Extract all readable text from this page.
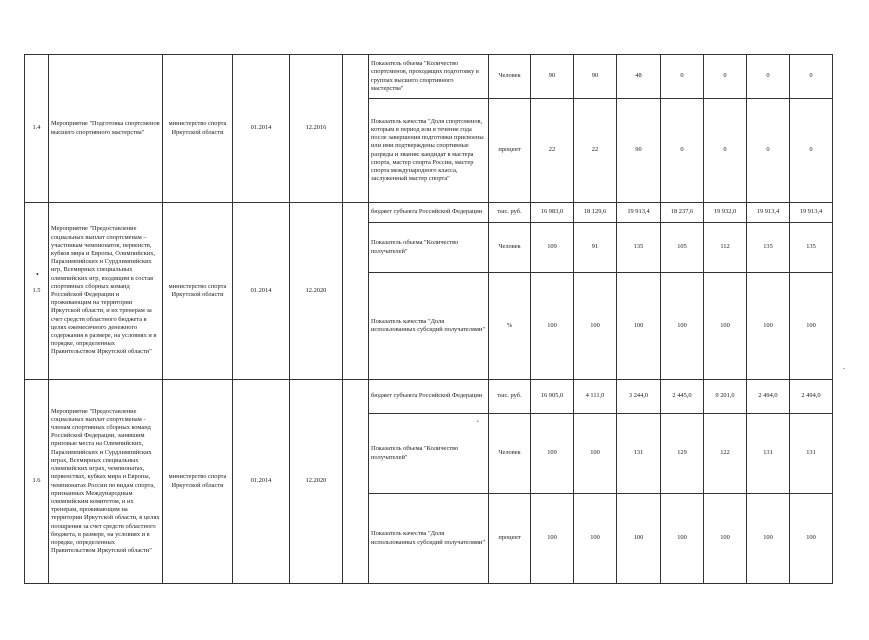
1.4	Мероприятие "Подготовка спортсменов высшего спортивного мастерства"	министерство спорта Иркутской области	01.2014	12.2016		Показатель объема "Количество спортсменов, проходящих подготовку в группах высшего спортивного мастерства"	Человек	90	90	48	0	0	0	0
						Показатель качества "Доля спортсменов, которым в период или в течение года после завершения подготовки присвоены или ими подтверждены спортивные разряды и звания: кандидат в мастера спорта, мастер спорта России, мастер спорта международного класса, заслуженный мастер спорта"	процент	22	22	90	0	0	0	0
1.5	Мероприятие "Предоставление социальных выплат спортсменам – участникам чемпионатов, первенств, кубков мира и Европы, Олимпийских, Паралимпийских и Сурдлимпийских игр, Всемирных специальных олимпийских игр, входящим в состав спортивных сборных команд Российской Федерации и проживающим на территории Иркутской области, и их тренерам за счет средств областного бюджета в целях ежемесячного денежного содержания в размере, на условиях и в порядке, определенных Правительством Иркутской области"	министерство спорта Иркутской области	01.2014	12.2020		бюджет субъекта Российской Федерации	тыс. руб.	16 983,0	18 129,6	19 913,4	18 237,6	19 932,0	19 913,4	19 913,4
						Показатель объема "Количество получателей"	Человек	109	91	135	105	112	135	135
						Показатель качества "Доля использованных субсидий получателями"	%	100	100	100	100	100	100	100
1.6	Мероприятие "Предоставление социальных выплат спортсменам - членам спортивных сборных команд Российской Федерации, занявшим призовые места на Олимпийских, Паралимпийских и Сурдлимпийских играх, Всемирных специальных олимпийских играх, чемпионатах, первенствах, кубках мира и Европы, чемпионатах России по видам спорта, признанных Международным олимпийским комитетом, и их тренерам, проживающим на территории Иркутской области, в целях поощрения за счет средств областного бюджета, в размере, на условиях и в порядке, определенных Правительством Иркутской области"	министерство спорта Иркутской области	01.2014	12.2020		бюджет субъекта Российской Федерации	тыс. руб.	16 905,0	4 111,0	3 244,0	2 445,0	9 201,0	2 494,0	2 494,0
						Показатель объема "Количество получателей"	Человек	109	100	131	129	122	131	131
						Показатель качества "Доля использованных субсидий получателями"	процент	100	100	100	100	100	100	100
•
•
.
